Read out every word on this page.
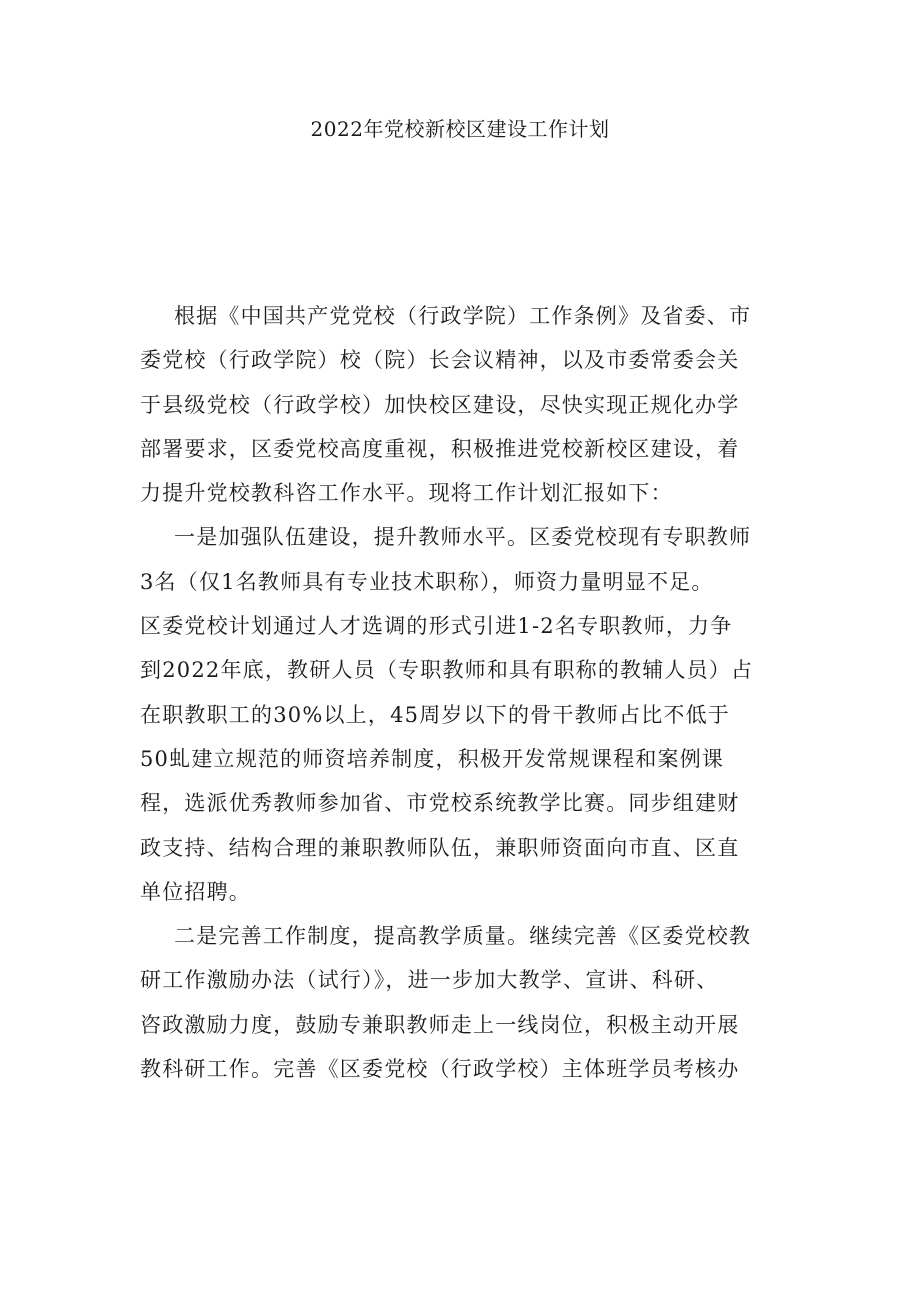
2022年党校新校区建设工作计划

根据《中国共产党党校（行政学院）工作条例》及省委、市
委党校（行政学院）校（院）长会议精神，以及市委常委会关
于县级党校（行政学校）加快校区建设，尽快实现正规化办学
部署要求，区委党校高度重视，积极推进党校新校区建设，着
力提升党校教科咨工作水平。现将工作计划汇报如下：

一是加强队伍建设，提升教师水平。区委党校现有专职教师
3名（仅1名教师具有专业技术职称），师资力量明显不足。
区委党校计划通过人才选调的形式引进1-2名专职教师，力争
到2022年底，教研人员（专职教师和具有职称的教辅人员）占
在职教职工的30%以上，45周岁以下的骨干教师占比不低于
50虬建立规范的师资培养制度，积极开发常规课程和案例课
程，选派优秀教师参加省、市党校系统教学比赛。同步组建财
政支持、结构合理的兼职教师队伍，兼职师资面向市直、区直
单位招聘。

二是完善工作制度，提高教学质量。继续完善《区委党校教
研工作激励办法（试行）》，进一步加大教学、宣讲、科研、
咨政激励力度，鼓励专兼职教师走上一线岗位，积极主动开展
教科研工作。完善《区委党校（行政学校）主体班学员考核办
